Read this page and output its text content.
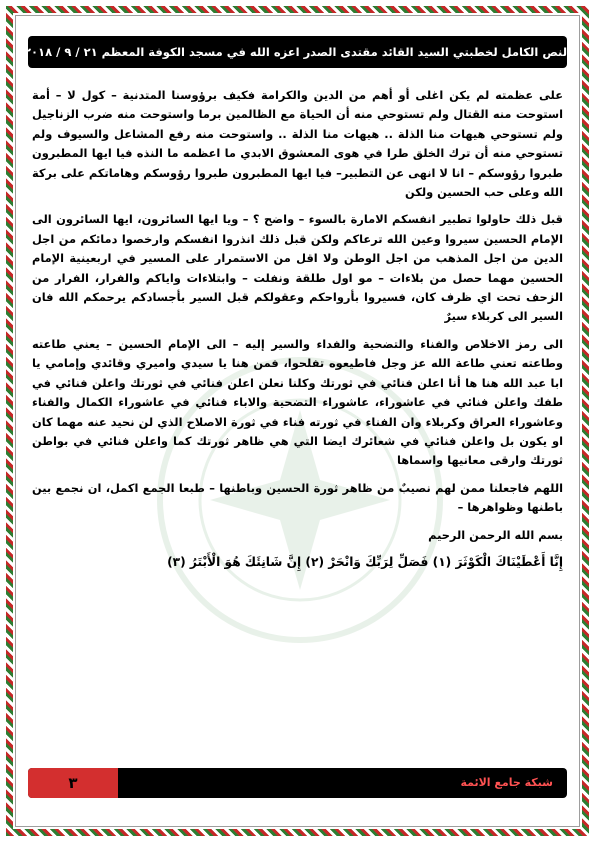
النص الكامل لخطبتي السيد القائد مقتدى الصدر اعزه الله في مسجد الكوفة المعظم ٢١ / ٩ / ٢٠١٨

على عظمته لم يكن اغلى أو أهم من الدين والكرامة فكيف برؤوسنا المتدنية – كول لا – أمة استوحت منه القتال ولم تستوحي منه أن الحياة مع الظالمين برما واستوحت منه ضرب الزناجيل ولم تستوحي هيهات منا الذلة .. هيهات منا الذلة .. واستوحت منه رفع المشاعل والسيوف ولم تستوحي منه أن ترك الخلق طرا في هوى المعشوق الابدي ما اعظمه ما النذه فيا ايها المطبرون طبروا رؤوسكم – انا لا انهى عن التطبير– فيا ايها المطبرون طبروا رؤوسكم وهاماتكم على بركة الله وعلى حب الحسين ولكن

قبل ذلك حاولوا تطبير انفسكم الامارة بالسوء – واضح ؟ – ويا ايها السائرون، ايها السائرون الى الإمام الحسين سيروا وعين الله ترعاكم ولكن قبل ذلك انذروا انفسكم وارخصوا دمائكم من اجل الدين من اجل المذهب من اجل الوطن ولا اقل من الاستمرار على المسير في اربعينية الإمام الحسين مهما حصل من بلاءات – مو اول طلقة ونفلت – وابتلاءات واياكم والفرار، الفرار من الزحف تحت اي ظرف كان، فسيروا بأرواحكم وعقولكم قبل السير بأجسادكم يرحمكم الله فان السير الى كربلاء سيرٌ

الى رمز الاخلاص والفناء والتضحية والفداء والسير إليه – الى الإمام الحسين – يعني طاعته وطاعته تعني طاعة الله عز وجل فاطيعوه تفلحوا، فمن هنا يا سيدي واميري وقائدي وإمامي يا ابا عبد الله هنا ها أنا اعلن فنائي في ثورتك وكلنا نعلن اعلن فنائي في ثورتك واعلن فنائي في طفك واعلن فنائي في عاشوراء، عاشوراء التضحية والاباء فنائي في عاشوراء الكمال والفناء وعاشوراء العراق وكربلاء وان الفناء في ثورته فناء في ثورة الاصلاح الذي لن نحيد عنه مهما كان او يكون بل واعلن فنائي في شعائرك ايضا التي هي ظاهر ثورتك كما واعلن فنائي في بواطن ثورتك وارقى معانيها واسماها

اللهم فاجعلنا ممن لهم نصيبٌ من ظاهر ثورة الحسين وباطنها – طبعا الجمع اكمل، ان نجمع بين باطنها وظواهرها –

بسم الله الرحمن الرحيم

إِنَّا أَعْطَيْنَاكَ الْكَوْثَرَ (١) فَصَلِّ لِرَبِّكَ وَانْحَرْ (٢) إِنَّ شَانِئَكَ هُوَ الْأَبْتَرُ (٣)

٣	شبكة جامع الائمة
